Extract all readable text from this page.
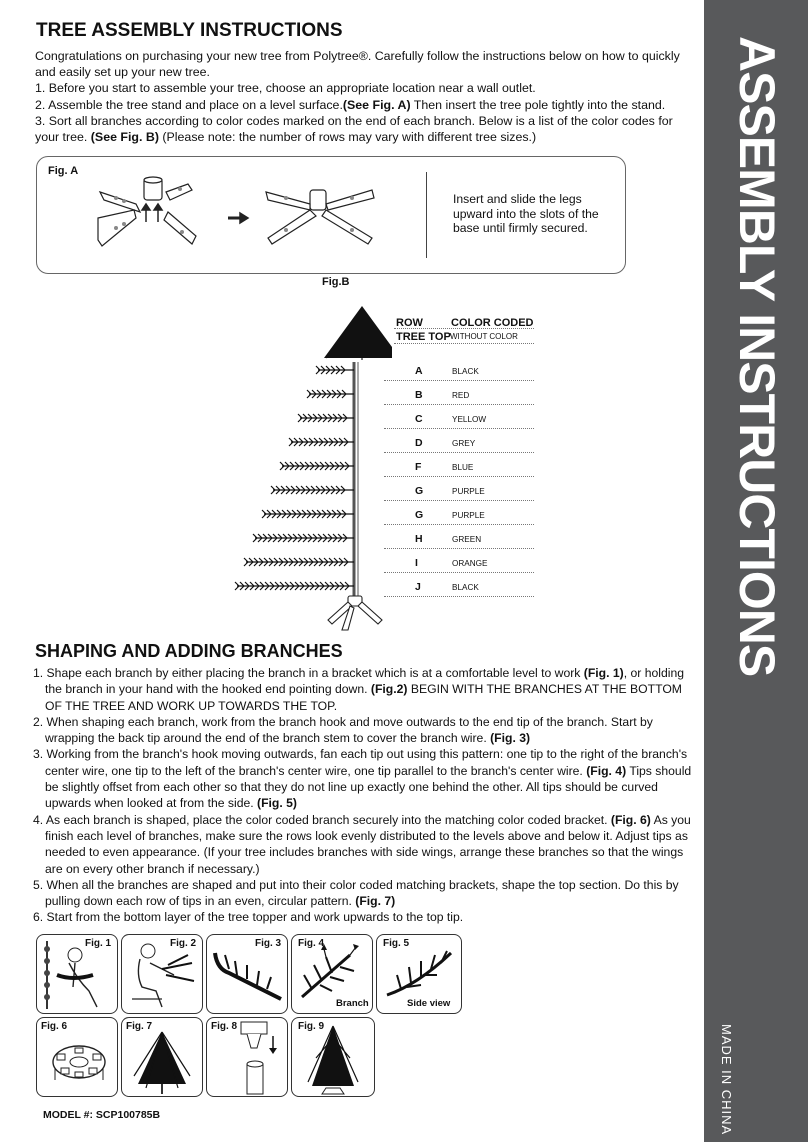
ASSEMBLY INSTRUCTIONS
MADE IN CHINA
TREE ASSEMBLY INSTRUCTIONS

Congratulations on purchasing your new tree from Polytree®. Carefully follow the instructions below on how to quickly and easily set up your new tree.

1. Before you start to assemble your tree, choose an appropriate location near a wall outlet.

2. Assemble the tree stand and place on a level surface.(See Fig. A) Then insert the tree pole tightly into the stand.

3. Sort all branches according to color codes marked on the end of each branch. Below is a list of the color codes for your tree. (See Fig. B) (Please note: the number of rows may vary with different tree sizes.)

Fig. A
Insert and slide the legs upward into the slots of the base until firmly secured.
Fig.B
ROW	COLOR CODED
TREE TOP WITHOUT COLOR
A	BLACK
B	RED
C	YELLOW
D	GREY
F	BLUE
G	PURPLE
G	PURPLE
H	GREEN
I	ORANGE
J	BLACK
SHAPING AND ADDING BRANCHES

1. Shape each branch by either placing the branch in a bracket which is at a comfortable level to work (Fig. 1), or holding the branch in your hand with the hooked end pointing down. (Fig.2) BEGIN WITH THE BRANCHES AT THE BOTTOM OF THE TREE AND WORK UP TOWARDS THE TOP.

2. When shaping each branch, work from the branch hook and move outwards to the end tip of the branch. Start by wrapping the back tip around the end of the branch stem to cover the branch wire. (Fig. 3)

3. Working from the branch's hook moving outwards, fan each tip out using this pattern: one tip to the right of the branch's center wire, one tip to the left of the branch's center wire, one tip parallel to the branch's center wire. (Fig. 4) Tips should be slightly offset from each other so that they do not line up exactly one behind the other. All tips should be curved upwards when looked at from the side. (Fig. 5)

4. As each branch is shaped, place the color coded branch securely into the matching color coded bracket. (Fig. 6) As you finish each level of branches, make sure the rows look evenly distributed to the levels above and below it. Adjust tips as needed to even appearance. (If your tree includes branches with side wings, arrange these branches so that the wings are on every other branch if necessary.)

5. When all the branches are shaped and put into their color coded matching brackets, shape the top section. Do this by pulling down each row of tips in an even, circular pattern. (Fig. 7)

6. Start from the bottom layer of the tree topper and work upwards to the top tip.

Fig. 1	Fig. 2	Fig. 3 Fig. 4
Branch
Fig. 5
Side view
Fig. 6	Fig. 7	Fig. 8	Fig. 9
MODEL #: SCP100785B
